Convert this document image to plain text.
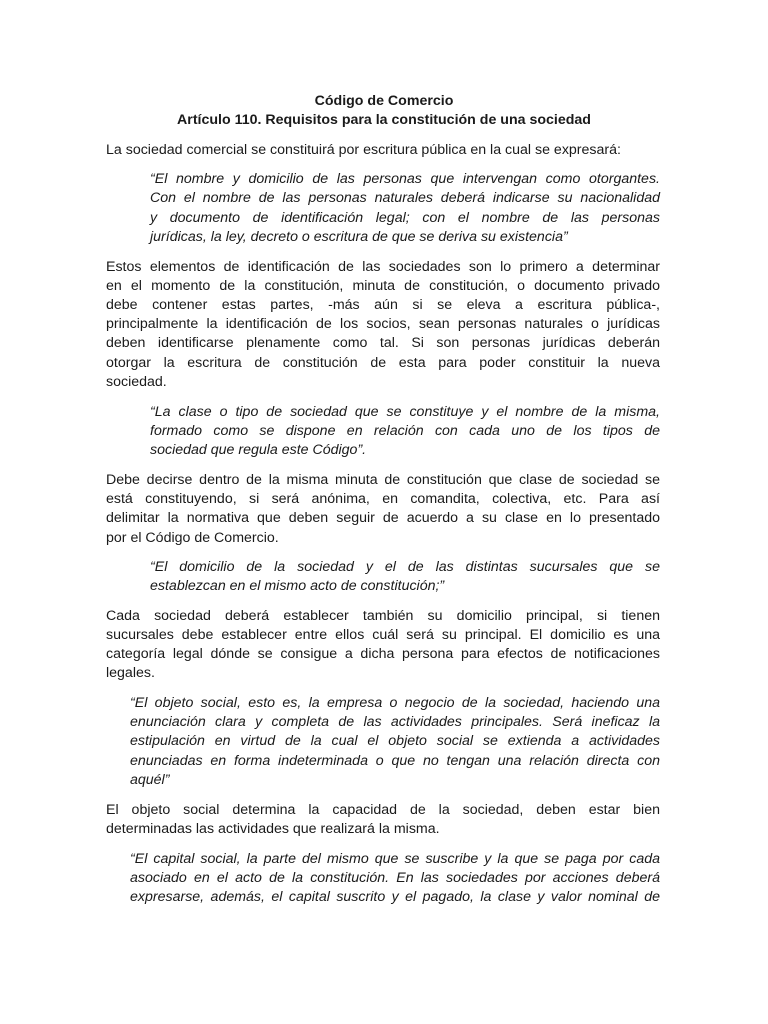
Código de Comercio
Artículo 110. Requisitos para la constitución de una sociedad
La sociedad comercial se constituirá por escritura pública en la cual se expresará:
“El nombre y domicilio de las personas que intervengan como otorgantes.
Con el nombre de las personas naturales deberá indicarse su nacionalidad
y documento de identificación legal; con el nombre de las personas
jurídicas, la ley, decreto o escritura de que se deriva su existencia”
Estos elementos de identificación de las sociedades son lo primero a determinar
en el momento de la constitución, minuta de constitución, o documento privado
debe contener estas partes, -más aún si se eleva a escritura pública-,
principalmente la identificación de los socios, sean personas naturales o jurídicas
deben identificarse plenamente como tal. Si son personas jurídicas deberán
otorgar la escritura de constitución de esta para poder constituir la nueva
sociedad.
“La clase o tipo de sociedad que se constituye y el nombre de la misma,
formado como se dispone en relación con cada uno de los tipos de
sociedad que regula este Código”.
Debe decirse dentro de la misma minuta de constitución que clase de sociedad se
está constituyendo, si será anónima, en comandita, colectiva, etc. Para así
delimitar la normativa que deben seguir de acuerdo a su clase en lo presentado
por el Código de Comercio.
“El domicilio de la sociedad y el de las distintas sucursales que se
establezcan en el mismo acto de constitución;”
Cada sociedad deberá establecer también su domicilio principal, si tienen
sucursales debe establecer entre ellos cuál será su principal. El domicilio es una
categoría legal dónde se consigue a dicha persona para efectos de notificaciones
legales.
“El objeto social, esto es, la empresa o negocio de la sociedad, haciendo una
enunciación clara y completa de las actividades principales. Será ineficaz la
estipulación en virtud de la cual el objeto social se extienda a actividades
enunciadas en forma indeterminada o que no tengan una relación directa con
aquél”
El objeto social determina la capacidad de la sociedad, deben estar bien
determinadas las actividades que realizará la misma.
“El capital social, la parte del mismo que se suscribe y la que se paga por cada
asociado en el acto de la constitución. En las sociedades por acciones deberá
expresarse, además, el capital suscrito y el pagado, la clase y valor nominal de
